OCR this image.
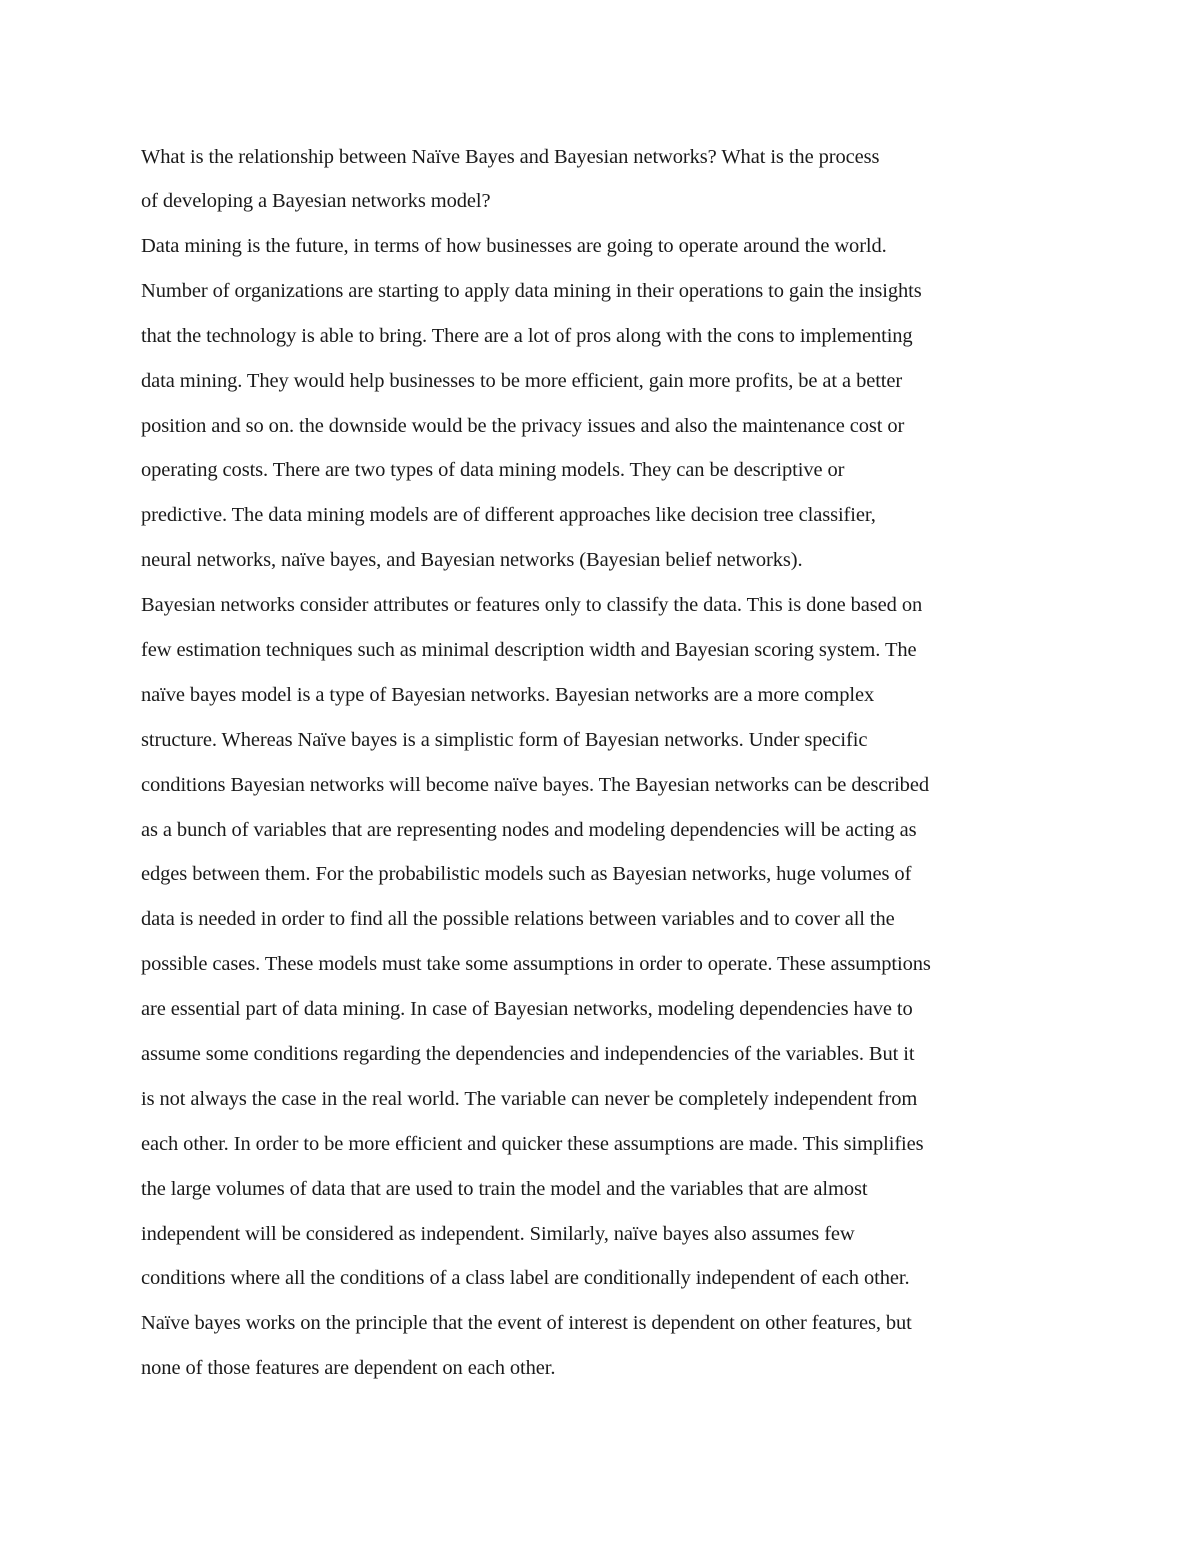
What is the relationship between Naïve Bayes and Bayesian networks? What is the process
of developing a Bayesian networks model?
Data mining is the future, in terms of how businesses are going to operate around the world.
Number of organizations are starting to apply data mining in their operations to gain the insights
that the technology is able to bring. There are a lot of pros along with the cons to implementing
data mining. They would help businesses to be more efficient, gain more profits, be at a better
position and so on. the downside would be the privacy issues and also the maintenance cost or
operating costs. There are two types of data mining models. They can be descriptive or
predictive. The data mining models are of different approaches like decision tree classifier,
neural networks, naïve bayes, and Bayesian networks (Bayesian belief networks).
Bayesian networks consider attributes or features only to classify the data. This is done based on
few estimation techniques such as minimal description width and Bayesian scoring system. The
naïve bayes model is a type of Bayesian networks. Bayesian networks are a more complex
structure. Whereas Naïve bayes is a simplistic form of Bayesian networks. Under specific
conditions Bayesian networks will become naïve bayes. The Bayesian networks can be described
as a bunch of variables that are representing nodes and modeling dependencies will be acting as
edges between them. For the probabilistic models such as Bayesian networks, huge volumes of
data is needed in order to find all the possible relations between variables and to cover all the
possible cases. These models must take some assumptions in order to operate. These assumptions
are essential part of data mining. In case of Bayesian networks, modeling dependencies have to
assume some conditions regarding the dependencies and independencies of the variables. But it
is not always the case in the real world. The variable can never be completely independent from
each other. In order to be more efficient and quicker these assumptions are made. This simplifies
the large volumes of data that are used to train the model and the variables that are almost
independent will be considered as independent. Similarly, naïve bayes also assumes few
conditions where all the conditions of a class label are conditionally independent of each other.
Naïve bayes works on the principle that the event of interest is dependent on other features, but
none of those features are dependent on each other.
